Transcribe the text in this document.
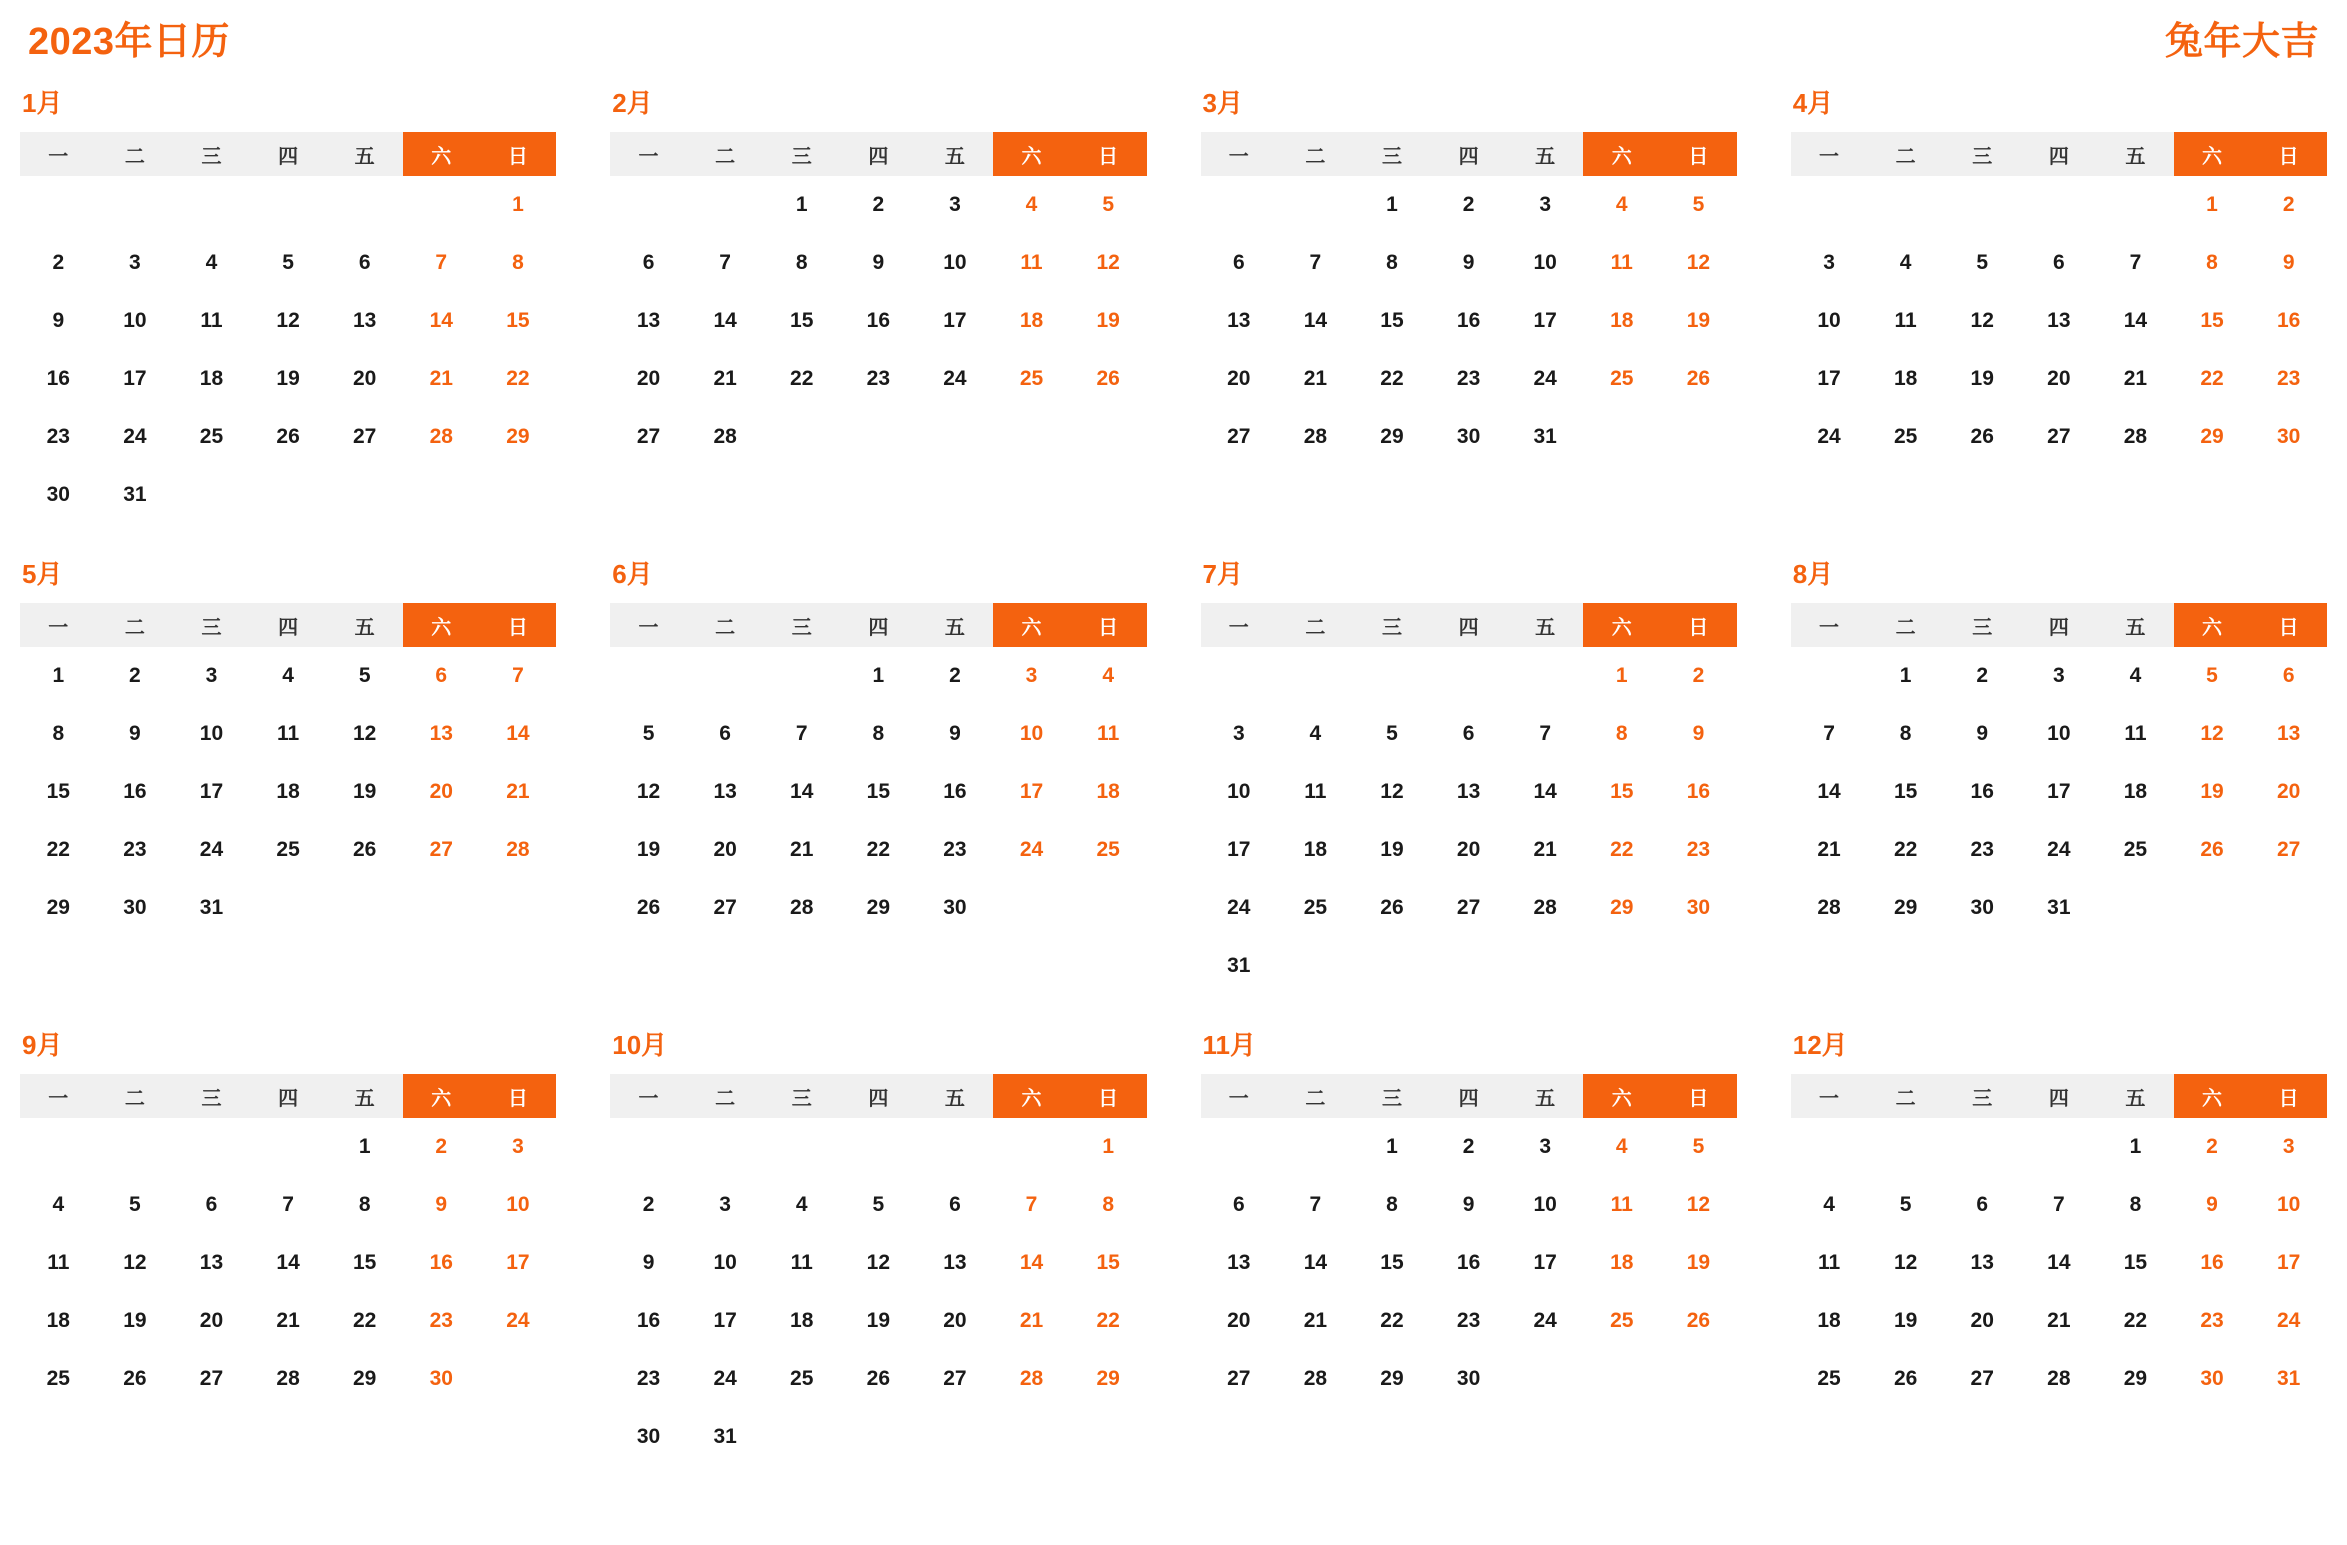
2023年日历	兔年大吉
1月
一	二	三	四	五	六	日
						1
2	3	4	5	6	7	8
9	10	11	12	13	14	15
16	17	18	19	20	21	22
23	24	25	26	27	28	29
30	31					
2月
一	二	三	四	五	六	日
		1	2	3	4	5
6	7	8	9	10	11	12
13	14	15	16	17	18	19
20	21	22	23	24	25	26
27	28					
3月
一	二	三	四	五	六	日
		1	2	3	4	5
6	7	8	9	10	11	12
13	14	15	16	17	18	19
20	21	22	23	24	25	26
27	28	29	30	31		
4月
一	二	三	四	五	六	日
					1	2
3	4	5	6	7	8	9
10	11	12	13	14	15	16
17	18	19	20	21	22	23
24	25	26	27	28	29	30
5月
一	二	三	四	五	六	日
1	2	3	4	5	6	7
8	9	10	11	12	13	14
15	16	17	18	19	20	21
22	23	24	25	26	27	28
29	30	31				
6月
一	二	三	四	五	六	日
			1	2	3	4
5	6	7	8	9	10	11
12	13	14	15	16	17	18
19	20	21	22	23	24	25
26	27	28	29	30		
7月
一	二	三	四	五	六	日
					1	2
3	4	5	6	7	8	9
10	11	12	13	14	15	16
17	18	19	20	21	22	23
24	25	26	27	28	29	30
31						
8月
一	二	三	四	五	六	日
	1	2	3	4	5	6
7	8	9	10	11	12	13
14	15	16	17	18	19	20
21	22	23	24	25	26	27
28	29	30	31			
9月
一	二	三	四	五	六	日
				1	2	3
4	5	6	7	8	9	10
11	12	13	14	15	16	17
18	19	20	21	22	23	24
25	26	27	28	29	30	
10月
一	二	三	四	五	六	日
						1
2	3	4	5	6	7	8
9	10	11	12	13	14	15
16	17	18	19	20	21	22
23	24	25	26	27	28	29
30	31					
11月
一	二	三	四	五	六	日
		1	2	3	4	5
6	7	8	9	10	11	12
13	14	15	16	17	18	19
20	21	22	23	24	25	26
27	28	29	30			
12月
一	二	三	四	五	六	日
				1	2	3
4	5	6	7	8	9	10
11	12	13	14	15	16	17
18	19	20	21	22	23	24
25	26	27	28	29	30	31
